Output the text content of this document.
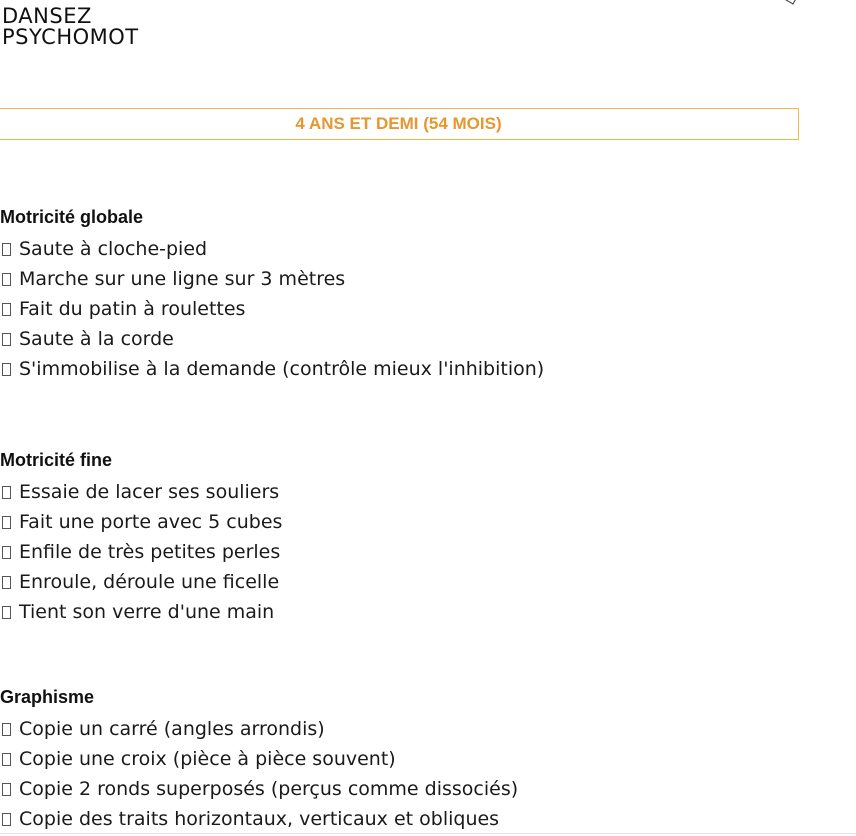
DANSEZ
PSYCHOMOT
4 ANS ET DEMI (54 MOIS)
Motricité globale
Saute à cloche-pied
Marche sur une ligne sur 3 mètres
Fait du patin à roulettes
Saute à la corde
S'immobilise à la demande (contrôle mieux l'inhibition)
Motricité fine
Essaie de lacer ses souliers
Fait une porte avec 5 cubes
Enfile de très petites perles
Enroule, déroule une ficelle
Tient son verre d'une main
Graphisme
Copie un carré (angles arrondis)
Copie une croix (pièce à pièce souvent)
Copie 2 ronds superposés (perçus comme dissociés)
Copie des traits horizontaux, verticaux et obliques
